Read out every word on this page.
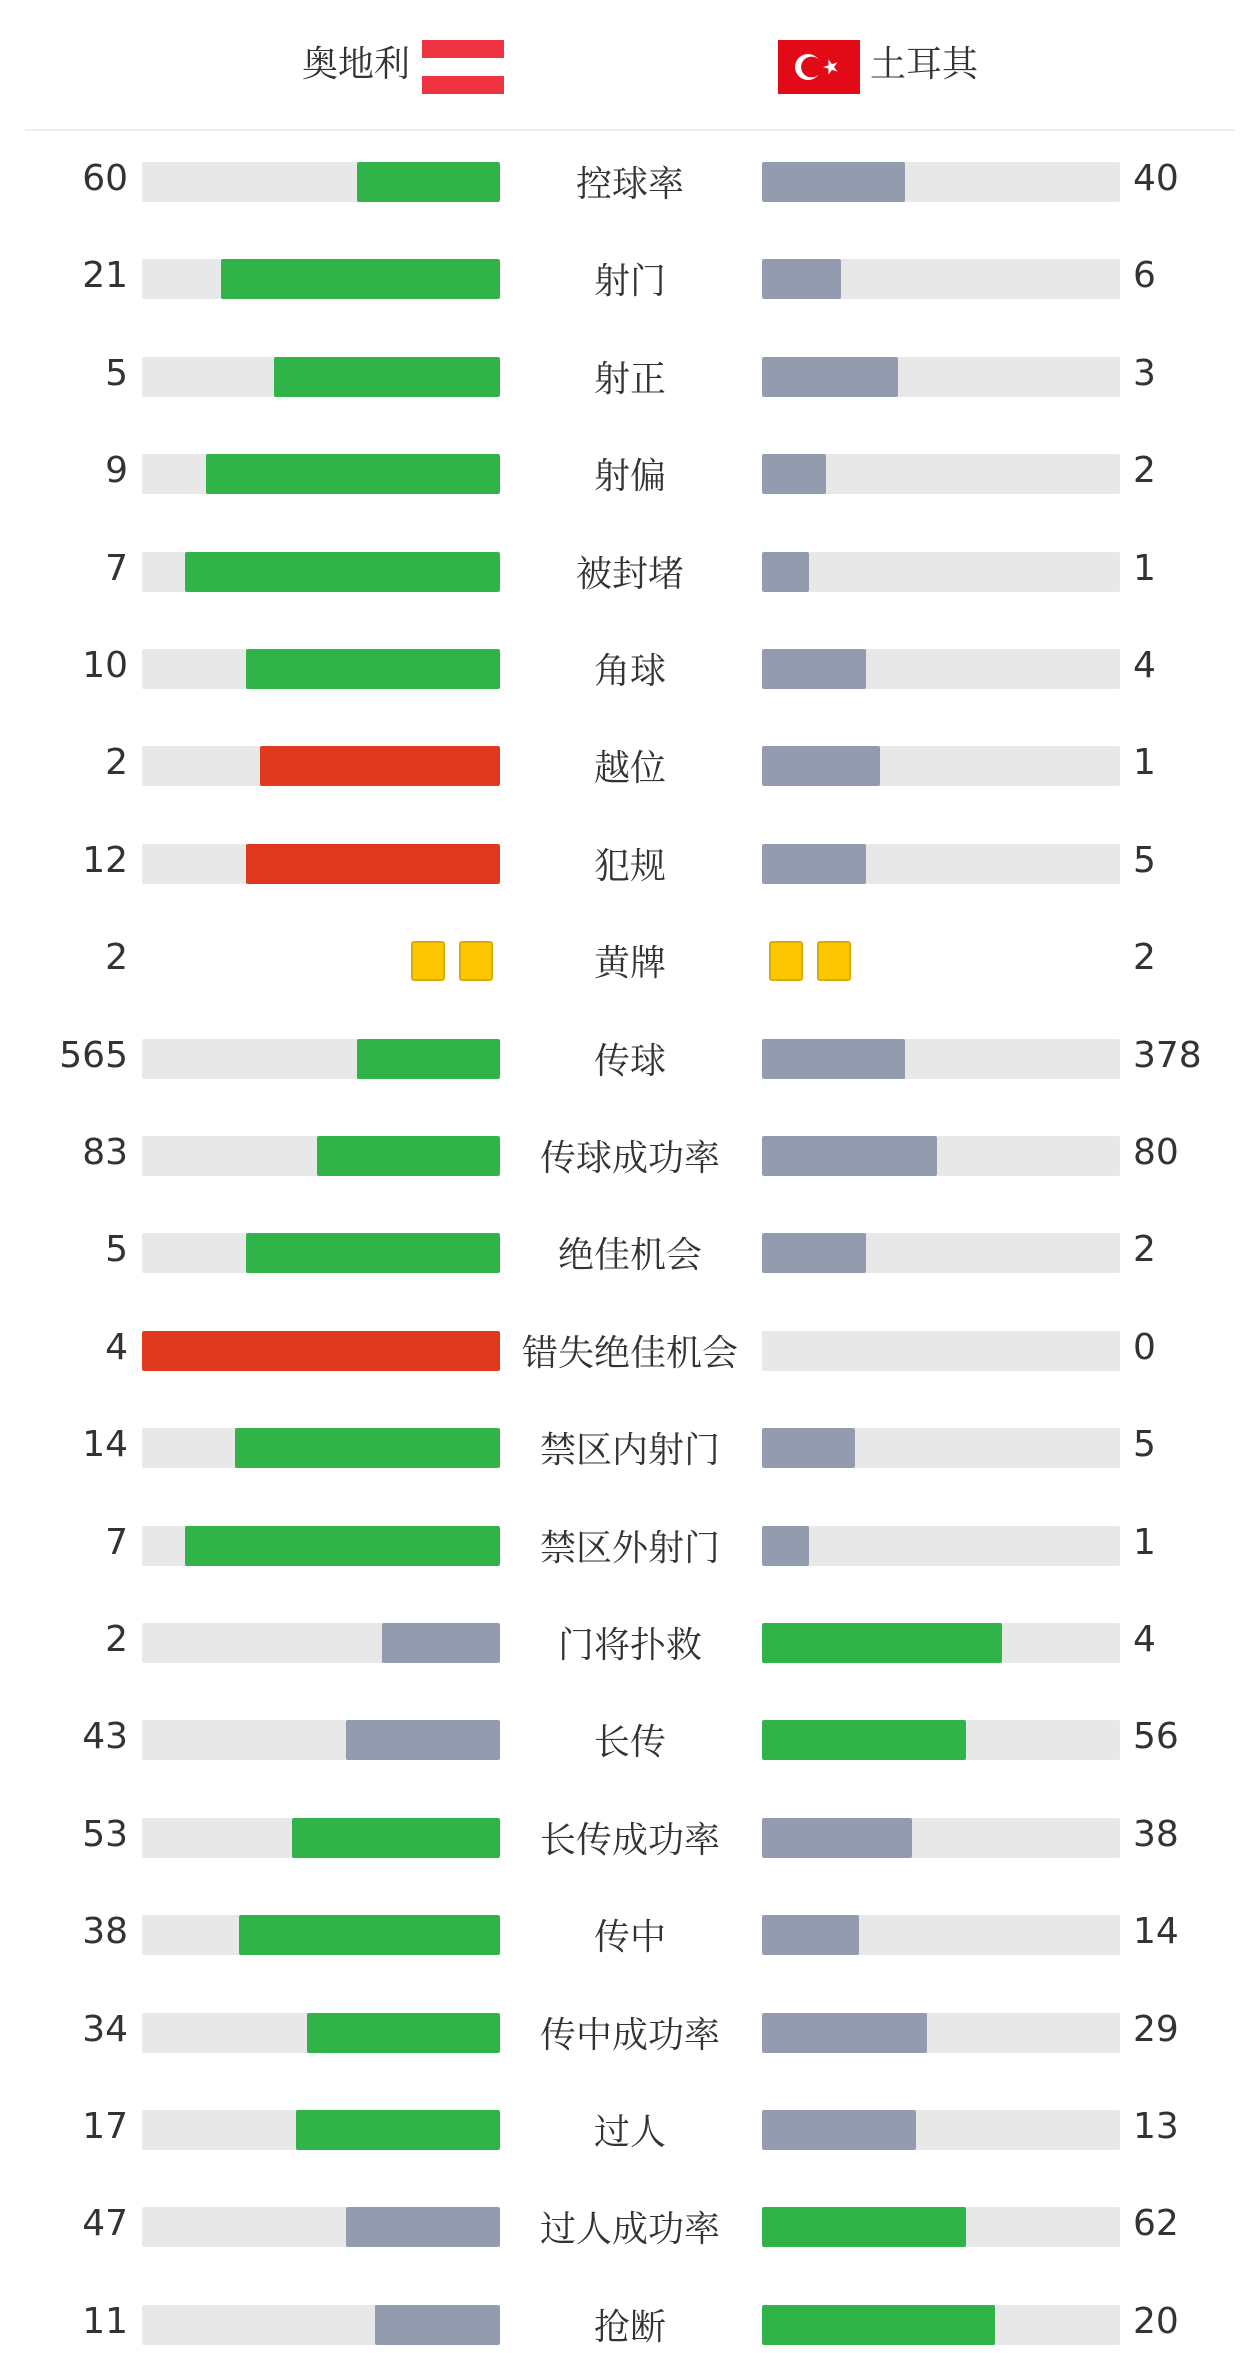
奥地利	土耳其
60	控球率	40
21	射门	6
5	射正	3
9	射偏	2
7	被封堵	1
10	角球	4
2	越位	1
12	犯规	5
2	黄牌	2
565	传球	378
83	传球成功率	80
5	绝佳机会	2
4	错失绝佳机会	0
14	禁区内射门	5
7	禁区外射门	1
2	门将扑救	4
43	长传	56
53	长传成功率	38
38	传中	14
34	传中成功率	29
17	过人	13
47	过人成功率	62
11	抢断	20
